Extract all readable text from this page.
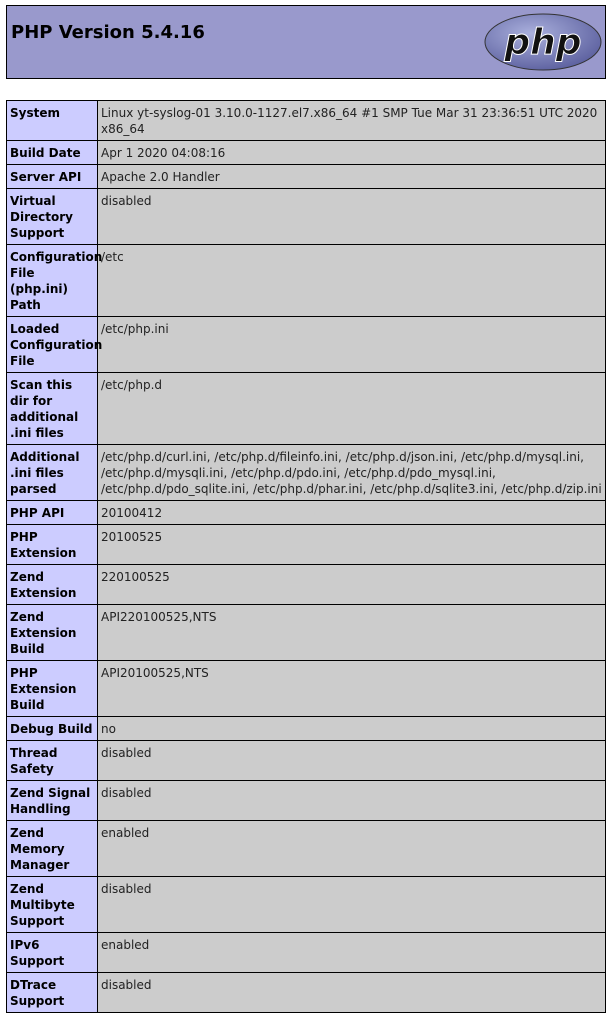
PHP Version 5.4.16	php
System	Linux yt-syslog-01 3.10.0-1127.el7.x86_64 #1 SMP Tue Mar 31 23:36:51 UTC 2020 x86_64
Build Date	Apr 1 2020 04:08:16
Server API	Apache 2.0 Handler
Virtual Directory Support	disabled
Configuration File (php.ini) Path	/etc
Loaded Configuration File	/etc/php.ini
Scan this dir for additional .ini files	/etc/php.d
Additional .ini files parsed	/etc/php.d/curl.ini, /etc/php.d/fileinfo.ini, /etc/php.d/json.ini, /etc/php.d/mysql.ini, /etc/php.d/mysqli.ini, /etc/php.d/pdo.ini, /etc/php.d/pdo_mysql.ini, /etc/php.d/pdo_sqlite.ini, /etc/php.d/phar.ini, /etc/php.d/sqlite3.ini, /etc/php.d/zip.ini
PHP API	20100412
PHP Extension	20100525
Zend Extension	220100525
Zend Extension Build	API220100525,NTS
PHP Extension Build	API20100525,NTS
Debug Build	no
Thread Safety	disabled
Zend Signal Handling	disabled
Zend Memory Manager	enabled
Zend Multibyte Support	disabled
IPv6 Support	enabled
DTrace Support	disabled
